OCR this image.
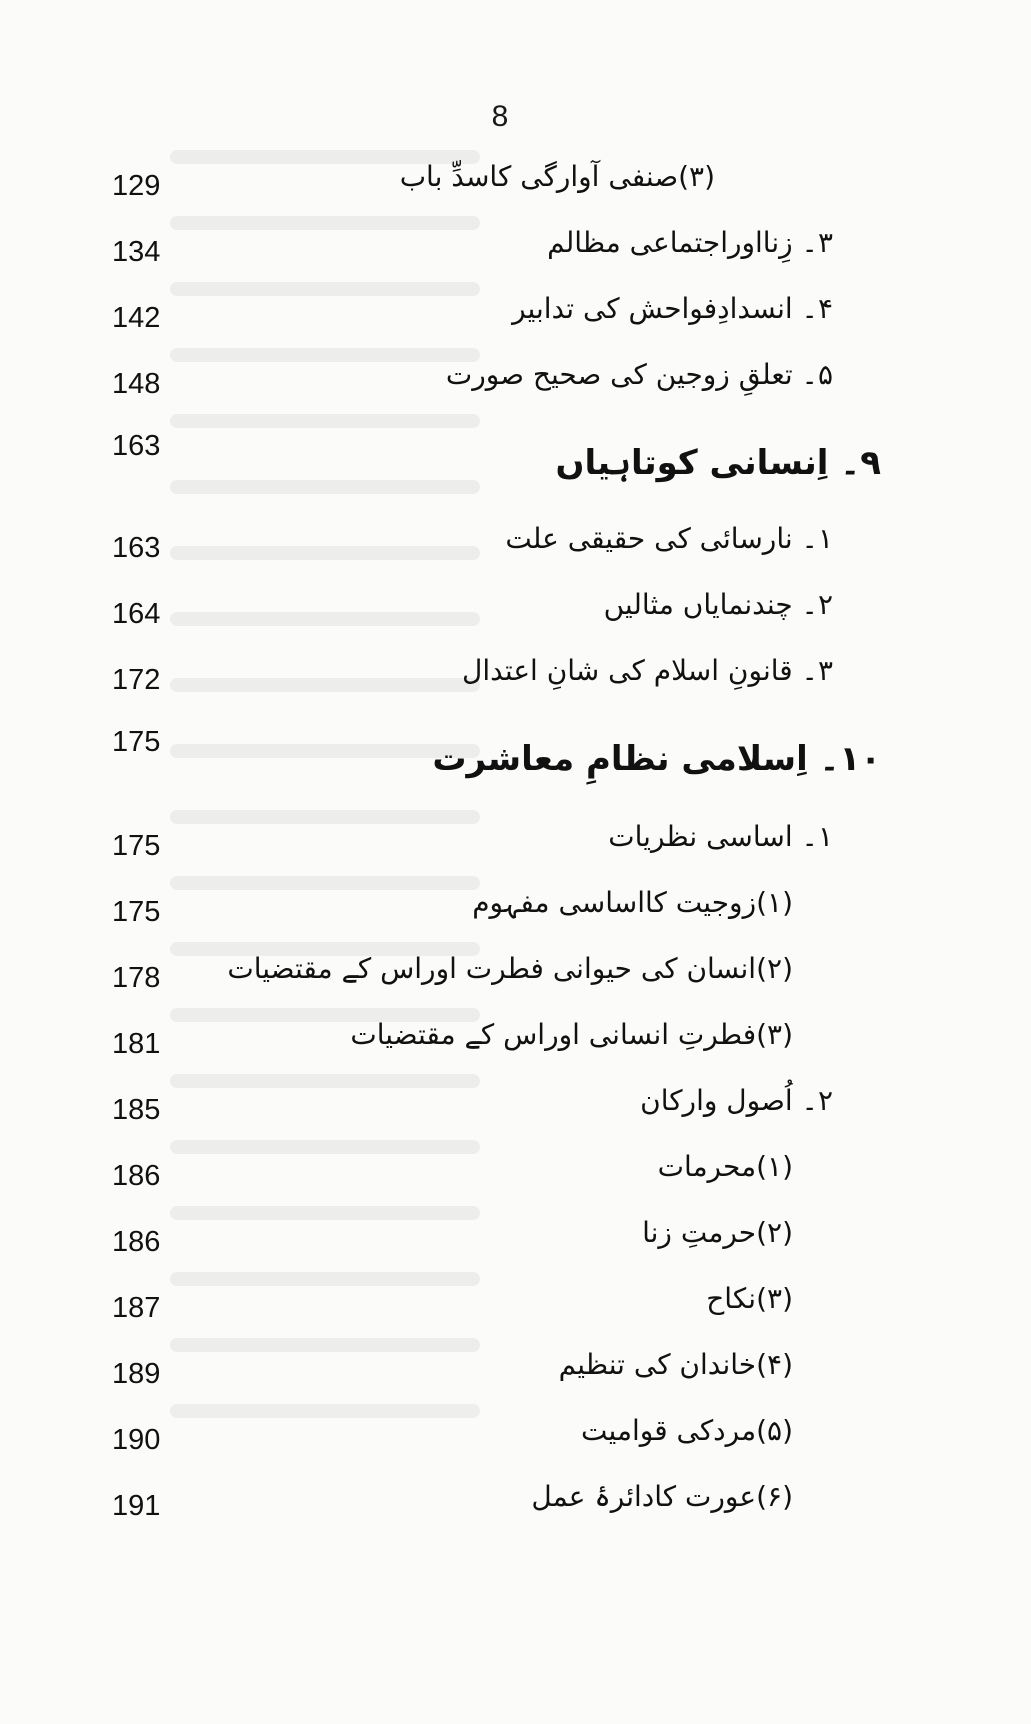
8
129	(۳)صنفی آوارگی کاسدِّ باب
134	۳۔ زِنااوراجتماعی مظالم
142	۴۔ انسدادِفواحش کی تدابیر
148	۵۔ تعلقِ زوجین کی صحیح صورت
163	۹۔ اِنسانی کوتاہیاں
163	۱۔ نارسائی کی حقیقی علت
164	۲۔ چندنمایاں مثالیں
172	۳۔ قانونِ اسلام کی شانِ اعتدال
175	۱۰۔ اِسلامی نظامِ معاشرت
175	۱۔ اساسی نظریات
175	(۱)زوجیت کااساسی مفہوم
178	(۲)انسان کی حیوانی فطرت اوراس کے مقتضیات
181	(۳)فطرتِ انسانی اوراس کے مقتضیات
185	۲۔ اُصول وارکان
186	(۱)محرمات
186	(۲)حرمتِ زنا
187	(۳)نکاح
189	(۴)خاندان کی تنظیم
190	(۵)مردکی قوامیت
191	(۶)عورت کادائرۂ عمل
